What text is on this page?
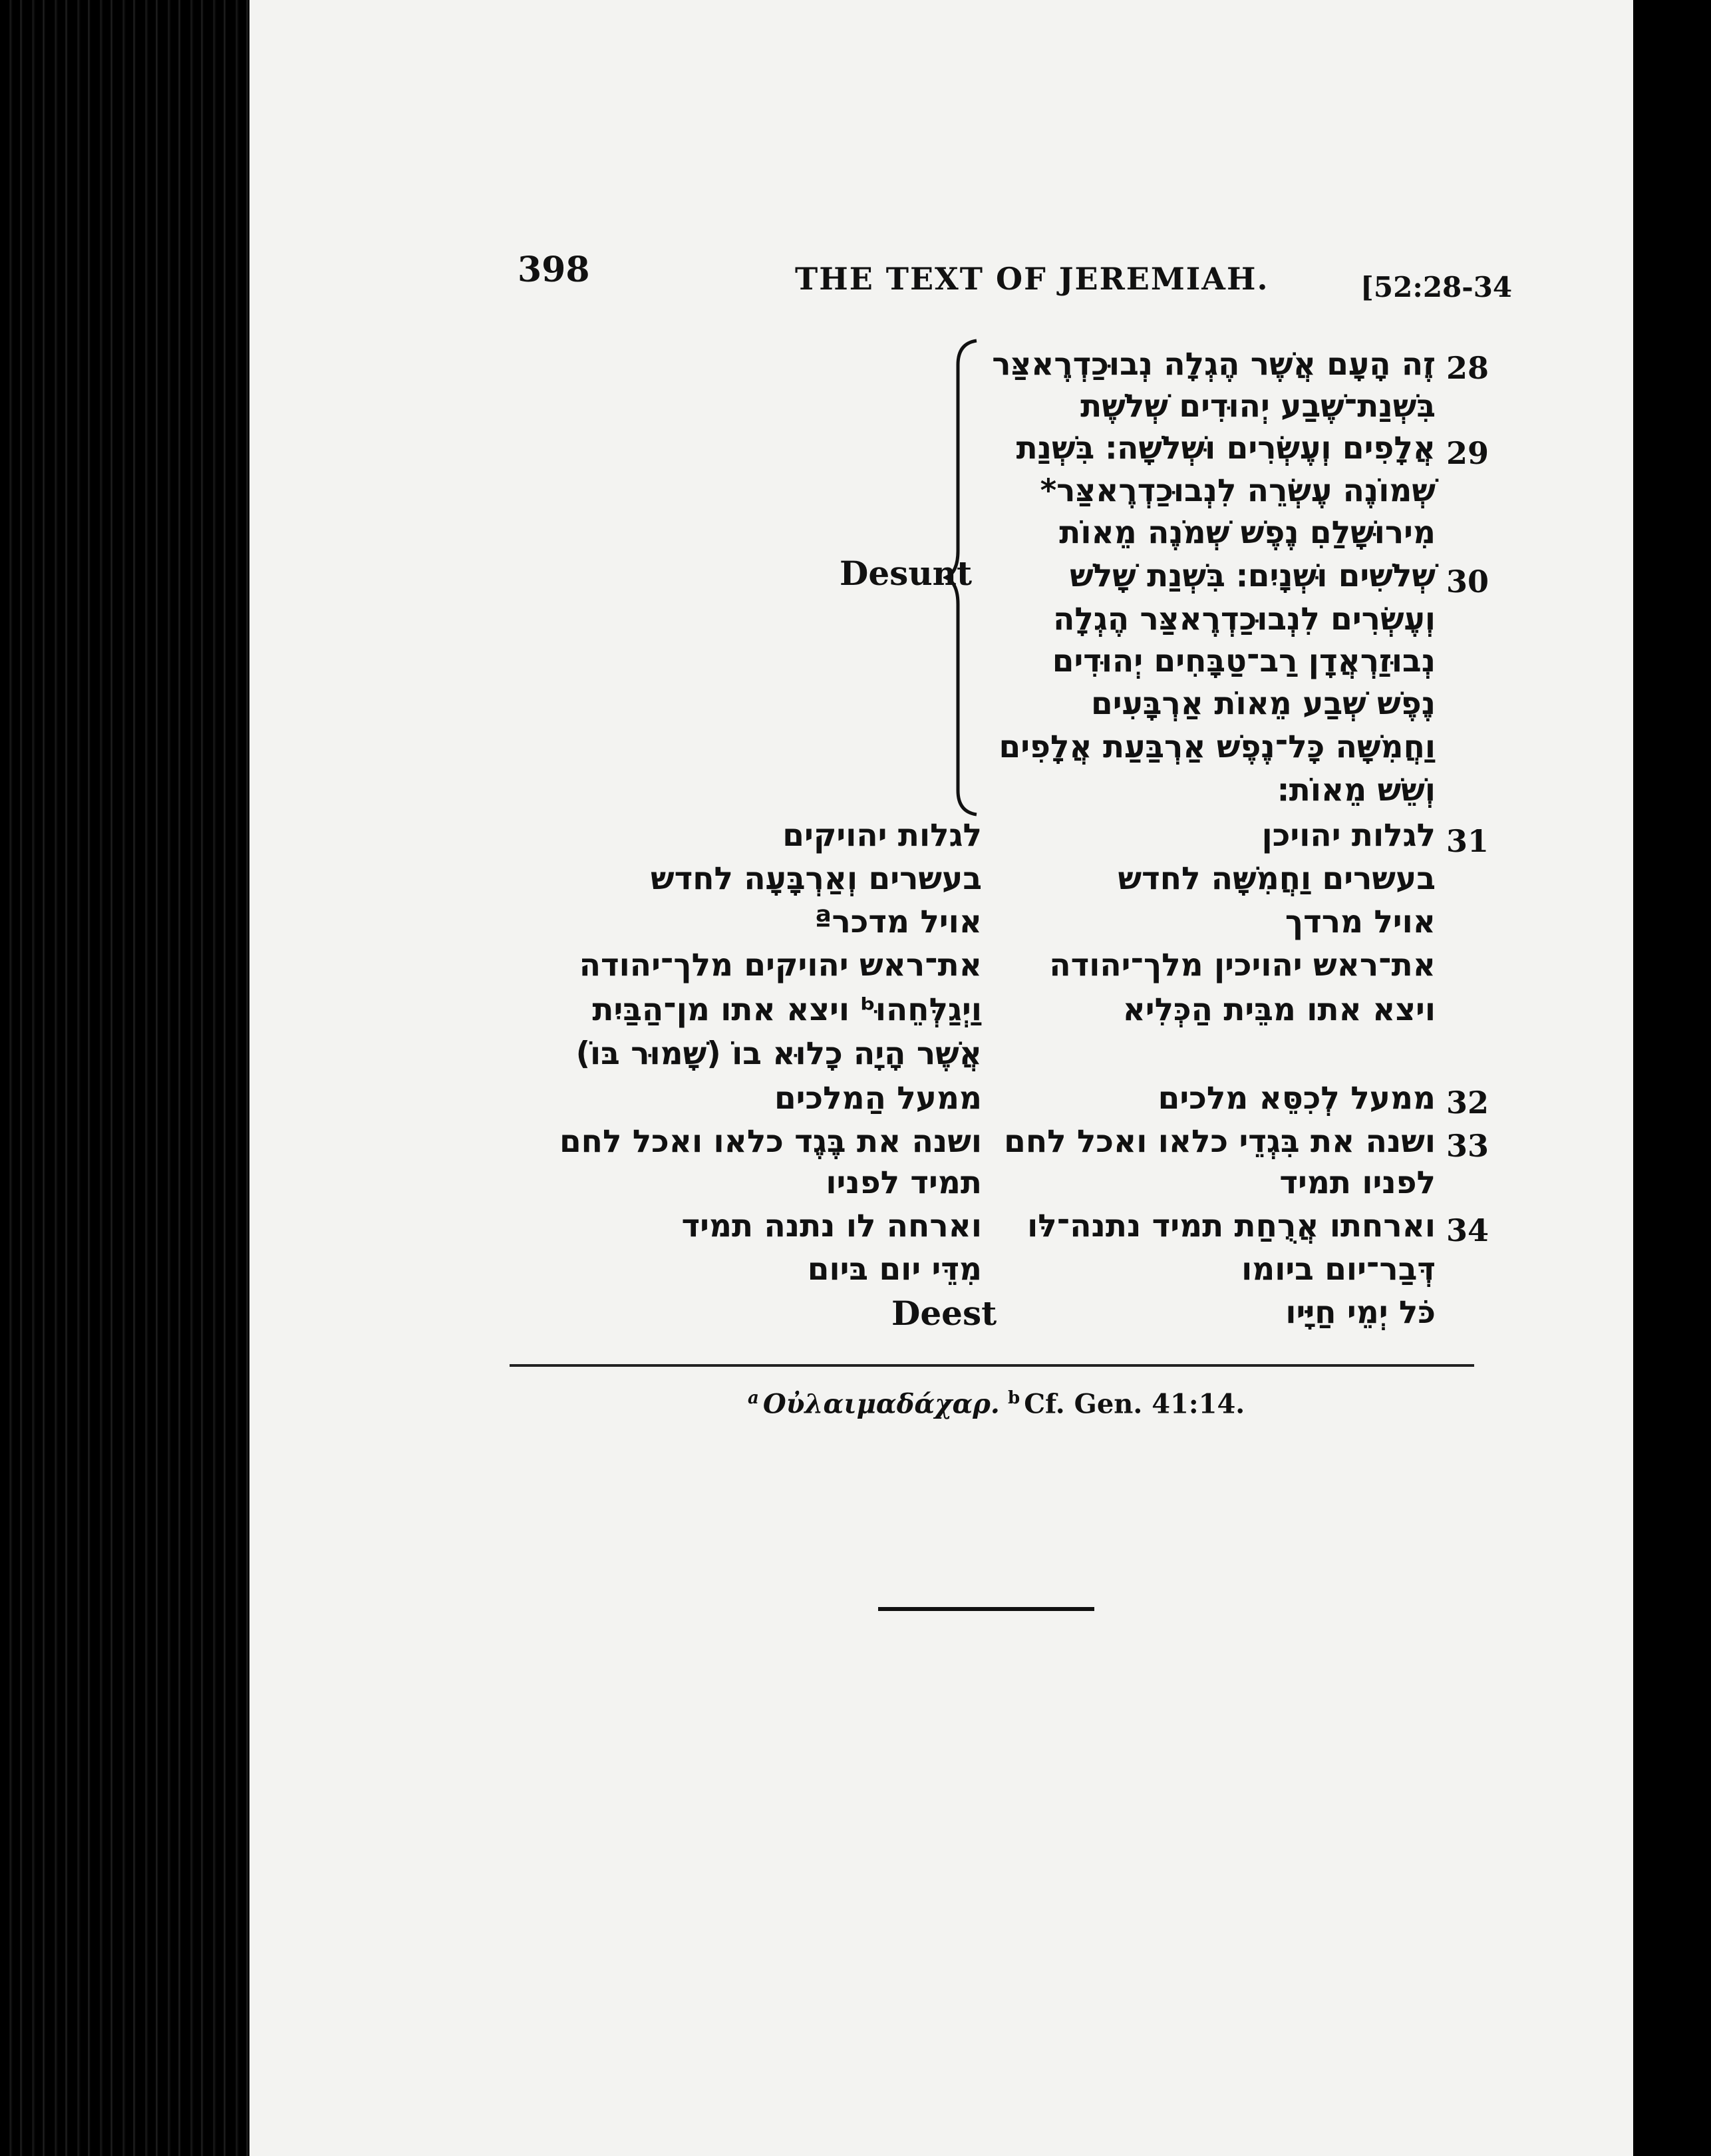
398	THE TEXT OF JEREMIAH.	[52:28-34
Desunt
28
29
30
31
32
33
34
זֶה הָעָם אֲשֶׁר הֶגְלָה נְבוּכַדְרֶאצַּר
בִּשְׁנַת־שֶׁבַע יְהוּדִים שְׁלֹשֶׁת
אֲלָפִים וְעֶשְׂרִים וּשְׁלֹשָׁה׃ בִּשְׁנַת
שְׁמוֹנֶה עֶשְׂרֵה לִנְבוּכַדְרֶאצַּר*
מִירוּשָׁלַםִ נֶפֶשׁ שְׁמֹנֶה מֵאוֹת
שְׁלֹשִׁים וּשְׁנָיִם׃ בִּשְׁנַת שָׁלֹשׁ
וְעֶשְׂרִים לִנְבוּכַדְרֶאצַּר הֶגְלָה
נְבוּזַרְאֲדָן רַב־טַבָּחִים יְהוּדִים
נֶפֶשׁ שְׁבַע מֵאוֹת אַרְבָּעִים
וַחֲמִשָּׁה כָּל־נֶפֶשׁ אַרְבַּעַת אֲלָפִים
וְשֵׁשׁ מֵאוֹת׃
לגלות יהויכן
בעשרים וַחֲמִשָּׁה לחדש
אויל מרדך
את־ראש יהויכין מלך־יהודה
ויצא אתו מבֵּית הַכְּלִיא
ממעל לְכִסֵּא מלכים
ושנה את בִּגְדֵי כלאו ואכל לחם
לפניו תמיד
וארחתו אֲרֻחַת תמיד נתנה־לּו
דְּבַר־יום ביומו
כֹּל יְמֵי חַיָּיו
לגלות יהויקים
בעשרים וְאַרְבָּעָה לחדש
אויל מדכרª
את־ראש יהויקים מלך־יהודה
וַיְגַלְּחֵהוּᵇ ויצא אתו מן־הַבַּיִת
אֲשֶׁר הָיָה כָלוּא בוֹ (שָׁמוּר בּוֹ)
ממעל הַמלכים
ושנה את בֶּגֶד כלאו ואכל לחם
תמיד לפניו
וארחה לו נתנה תמיד
מִדֵּי יום בּיום
Deest
$^a$ Οὐλαιμαδάχαρ. $^b$ Cf. Gen. 41:14.
